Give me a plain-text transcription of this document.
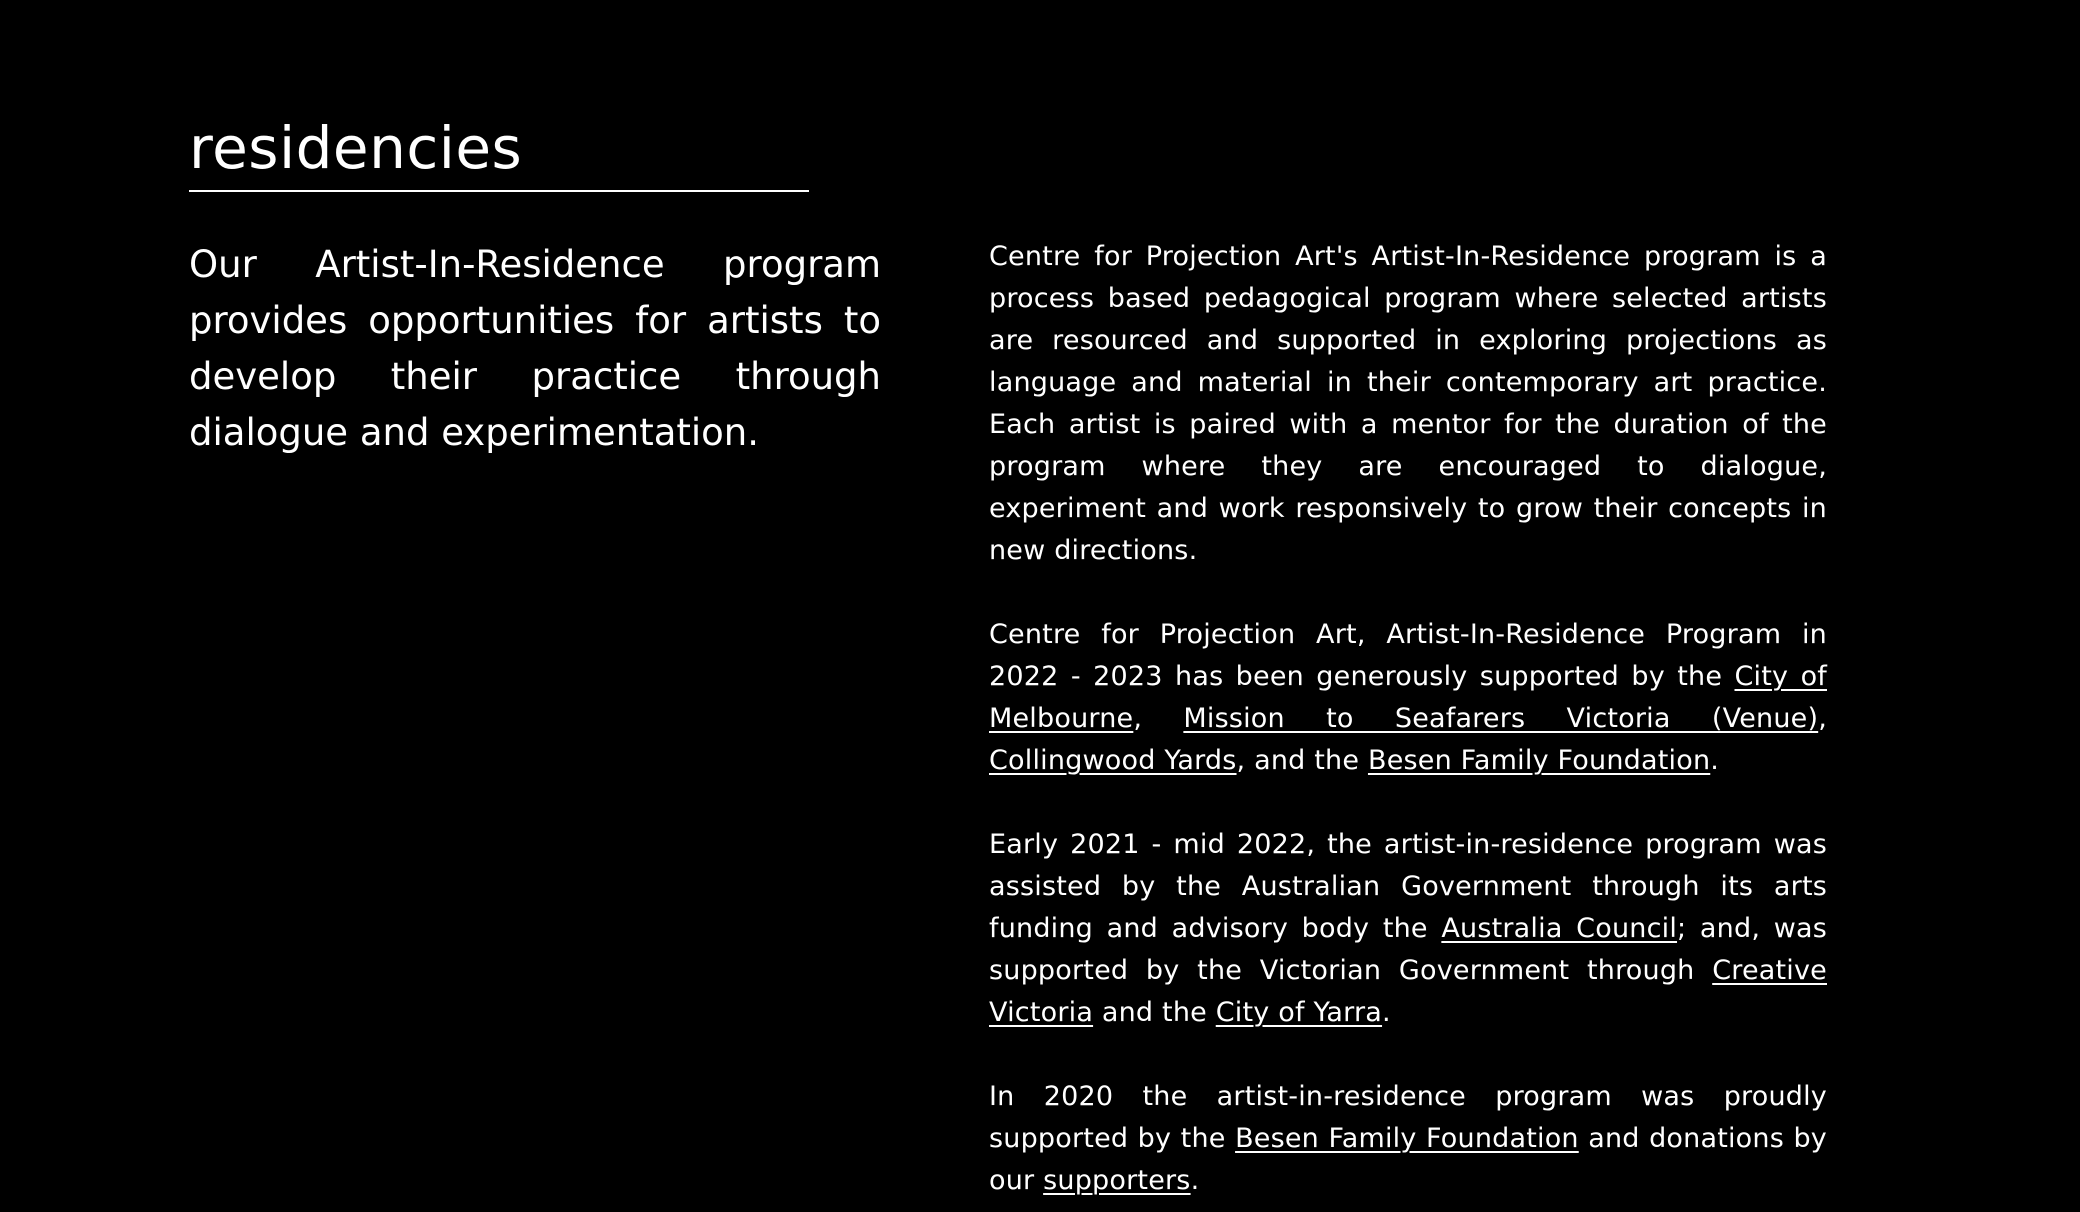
residencies

Our Artist-In-Residence program provides opportunities for artists to develop their practice through dialogue and experimentation.

Centre for Projection Art's Artist-In-Residence program is a process based pedagogical program where selected artists are resourced and supported in exploring projections as language and material in their contemporary art practice. Each artist is paired with a mentor for the duration of the program where they are encouraged to dialogue, experiment and work responsively to grow their concepts in new directions.

Centre for Projection Art, Artist-In-Residence Program in 2022 - 2023 has been generously supported by the City of Melbourne, Mission to Seafarers Victoria (Venue), Collingwood Yards, and the Besen Family Foundation.

Early 2021 - mid 2022, the artist-in-residence program was assisted by the Australian Government through its arts funding and advisory body the Australia Council; and, was supported by the Victorian Government through Creative Victoria and the City of Yarra.

In 2020 the artist-in-residence program was proudly supported by the Besen Family Foundation and donations by our supporters.
